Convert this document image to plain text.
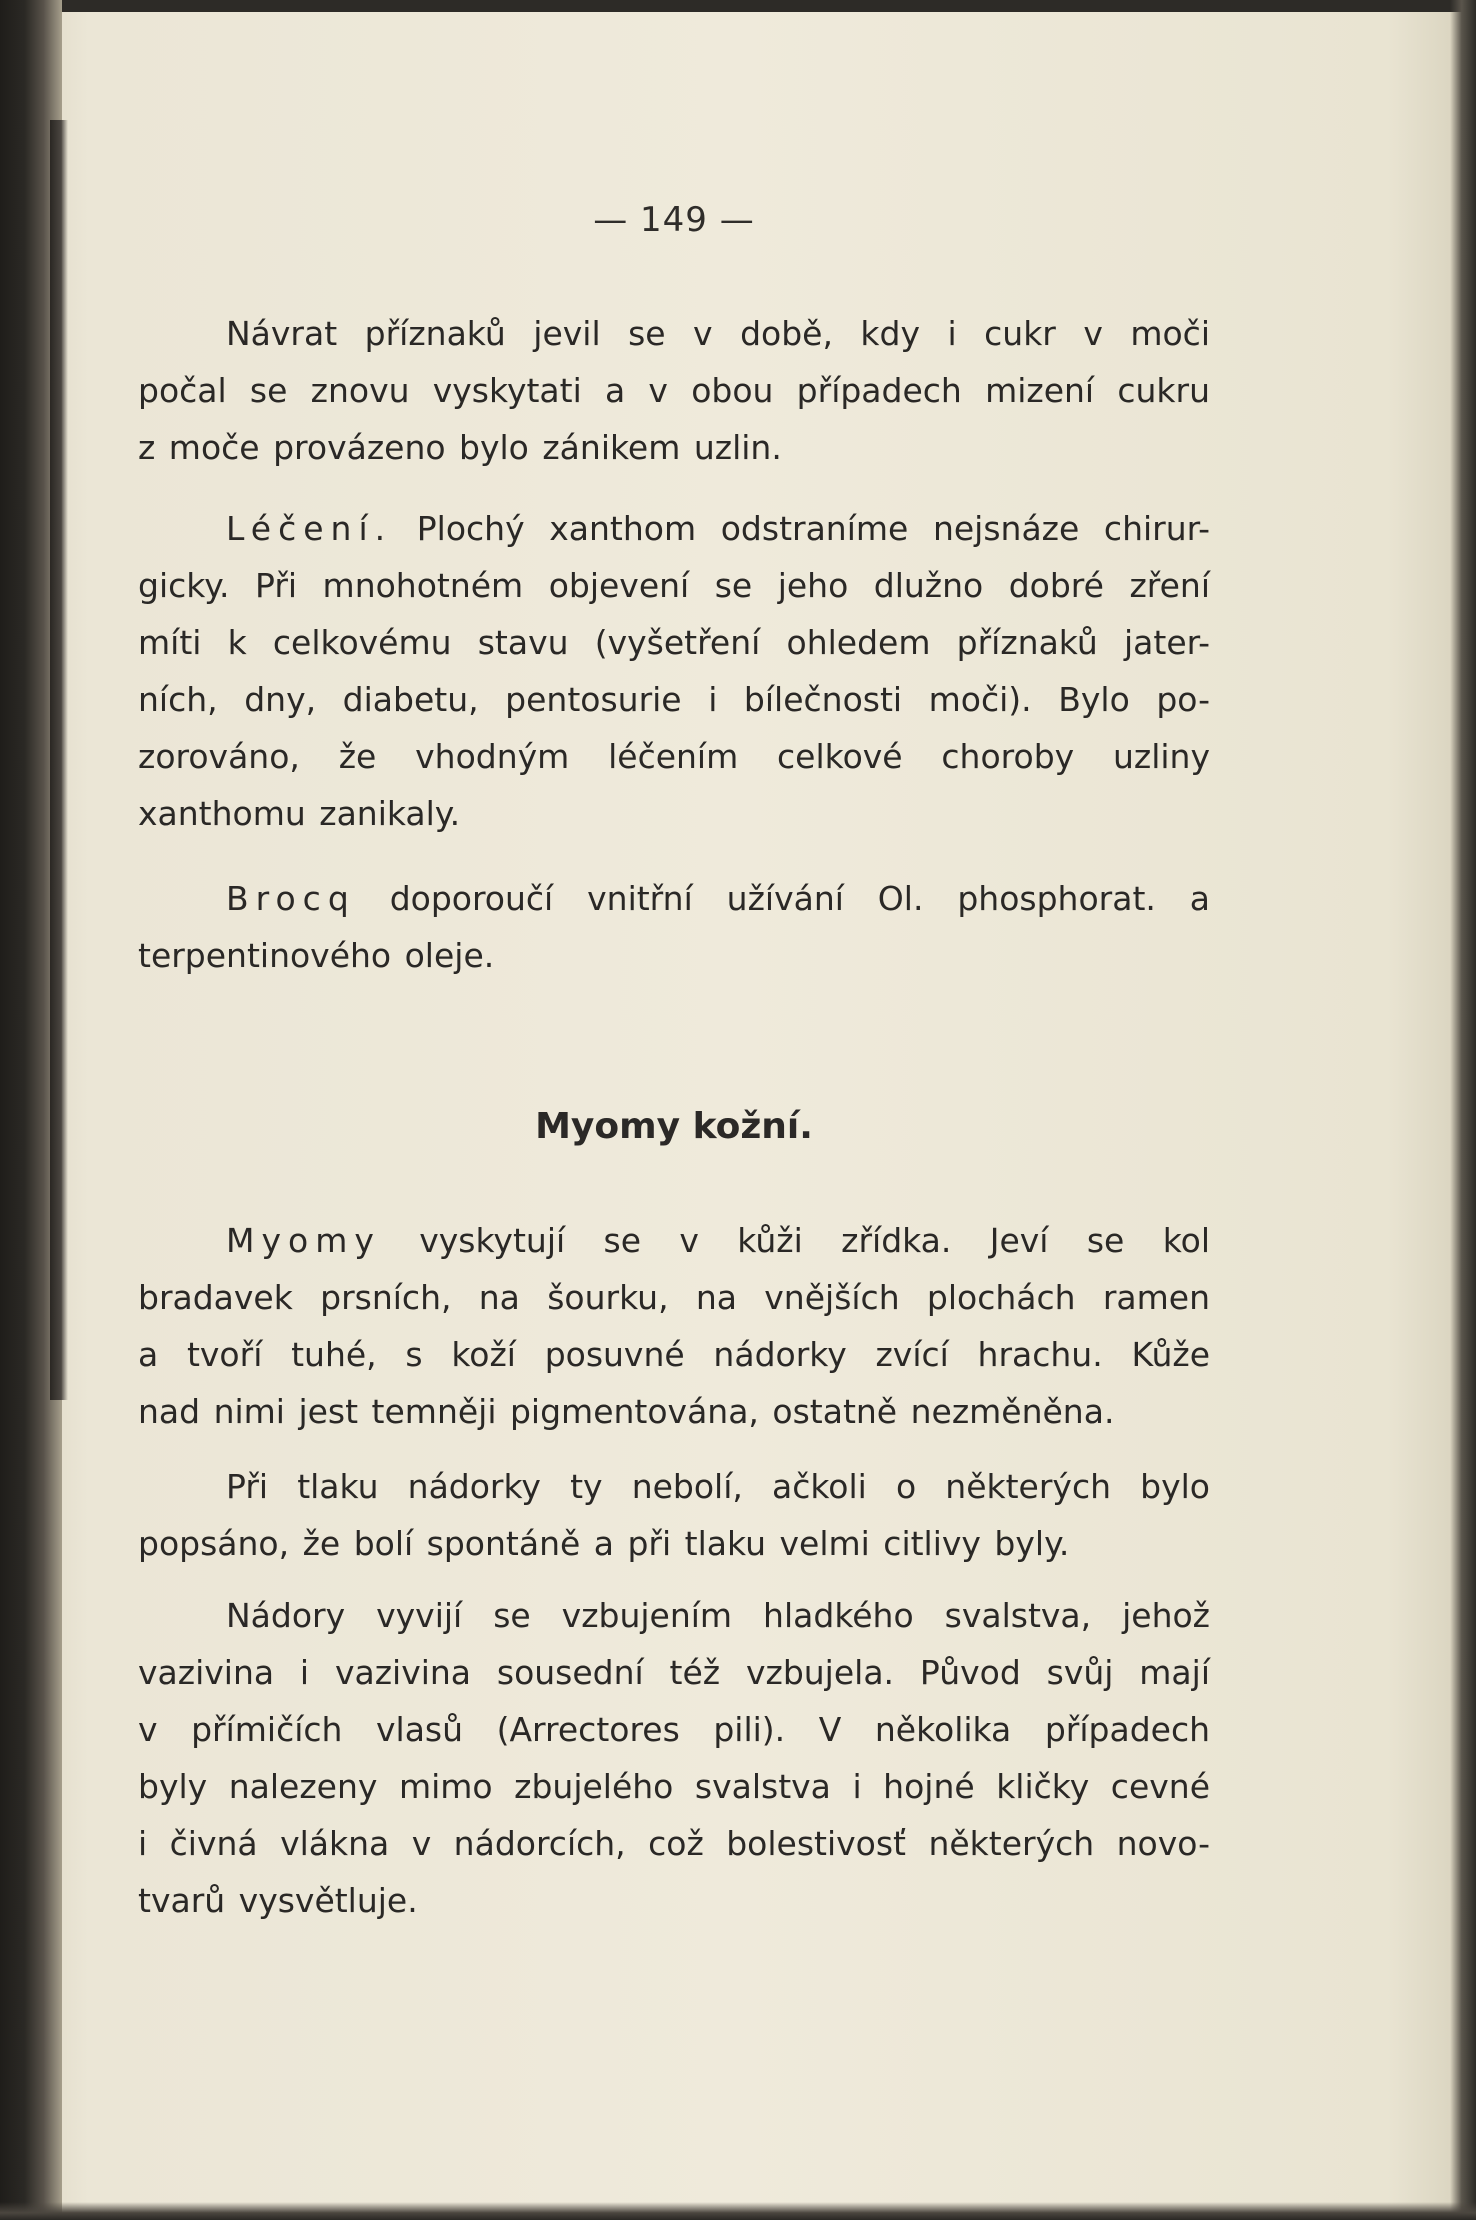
— 149 —
Návrat příznaků jevil se v době, kdy i cukr v moči
počal se znovu vyskytati a v obou případech mizení cukru
z moče provázeno bylo zánikem uzlin.
Léčení. Plochý xanthom odstraníme nejsnáze chirur-
gicky. Při mnohotném objevení se jeho dlužno dobré zření
míti k celkovému stavu (vyšetření ohledem příznaků jater-
ních, dny, diabetu, pentosurie i bílečnosti moči). Bylo po-
zorováno, že vhodným léčením celkové choroby uzliny
xanthomu zanikaly.
Brocq doporoučí vnitřní užívání Ol. phosphorat. a
terpentinového oleje.
Myomy kožní.
Myomy vyskytují se v kůži zřídka. Jeví se kol
bradavek prsních, na šourku, na vnějších plochách ramen
a tvoří tuhé, s koží posuvné nádorky zvící hrachu. Kůže
nad nimi jest temněji pigmentována, ostatně nezměněna.
Při tlaku nádorky ty nebolí, ačkoli o některých bylo
popsáno, že bolí spontáně a při tlaku velmi citlivy byly.
Nádory vyvijí se vzbujením hladkého svalstva, jehož
vazivina i vazivina sousední též vzbujela. Původ svůj mají
v přímičích vlasů (Arrectores pili). V několika případech
byly nalezeny mimo zbujelého svalstva i hojné kličky cevné
i čivná vlákna v nádorcích, což bolestivosť některých novo-
tvarů vysvětluje.
